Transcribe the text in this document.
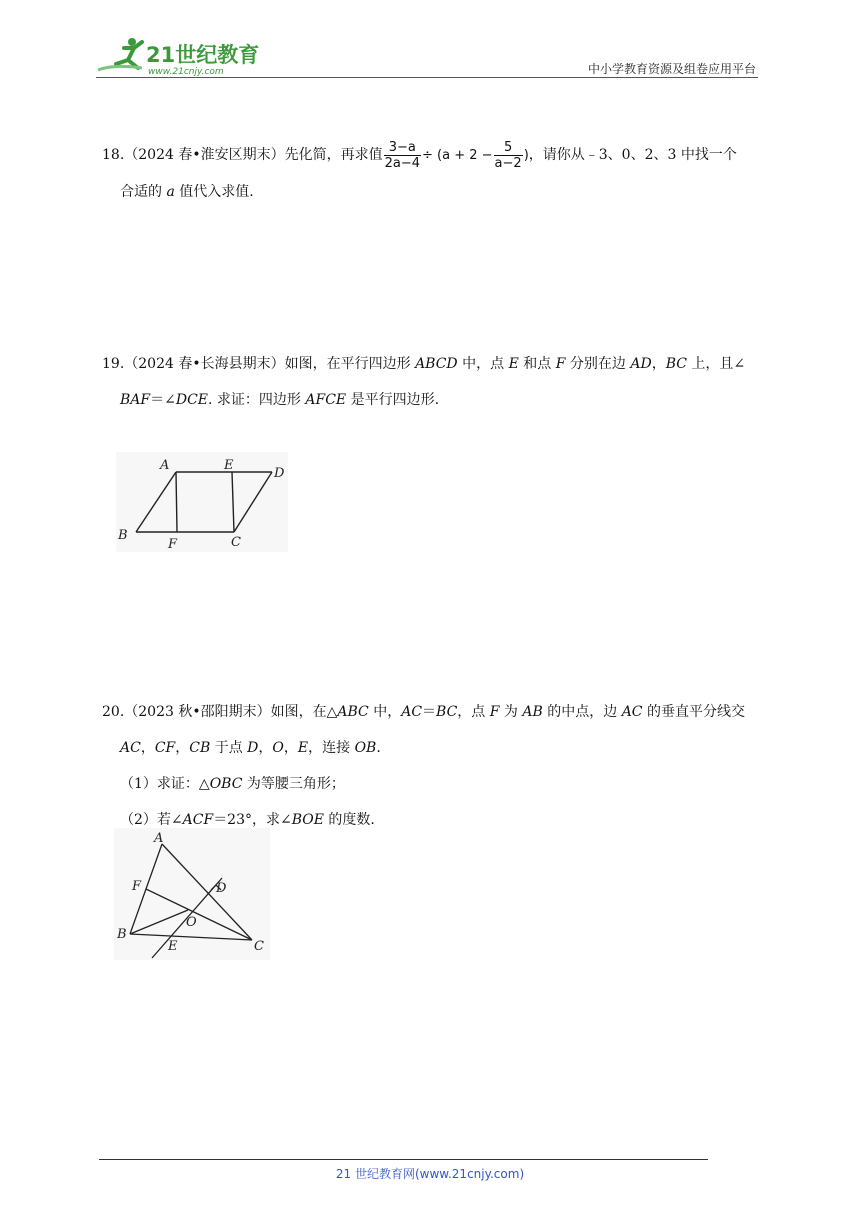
21世纪教育
www.21cnjy.com	中小学教育资源及组卷应用平台
18.（2024 春•淮安区期末）先化简，再求值 $\frac{3-a}{2a-4} \div (a + 2 - \frac{5}{a-2}$ )，请你从﹣3、0、2、3 中找一个
合适的 a 值代入求值.
19.（2024 春•长海县期末）如图，在平行四边形 ABCD 中，点 E 和点 F 分别在边 AD，BC 上，且∠
BAF＝∠DCE. 求证：四边形 AFCE 是平行四边形.
A	E
D
B
F	C
20.（2023 秋•邵阳期末）如图，在△ABC 中，AC＝BC，点 F 为 AB 的中点，边 AC 的垂直平分线交
AC，CF，CB 于点 D，O，E，连接 OB.
（1）求证：△OBC 为等腰三角形；
（2）若∠ACF＝23°，求∠BOE 的度数.
A
F	D
O
B
E	C
21 世纪教育网(www.21cnjy.com)
